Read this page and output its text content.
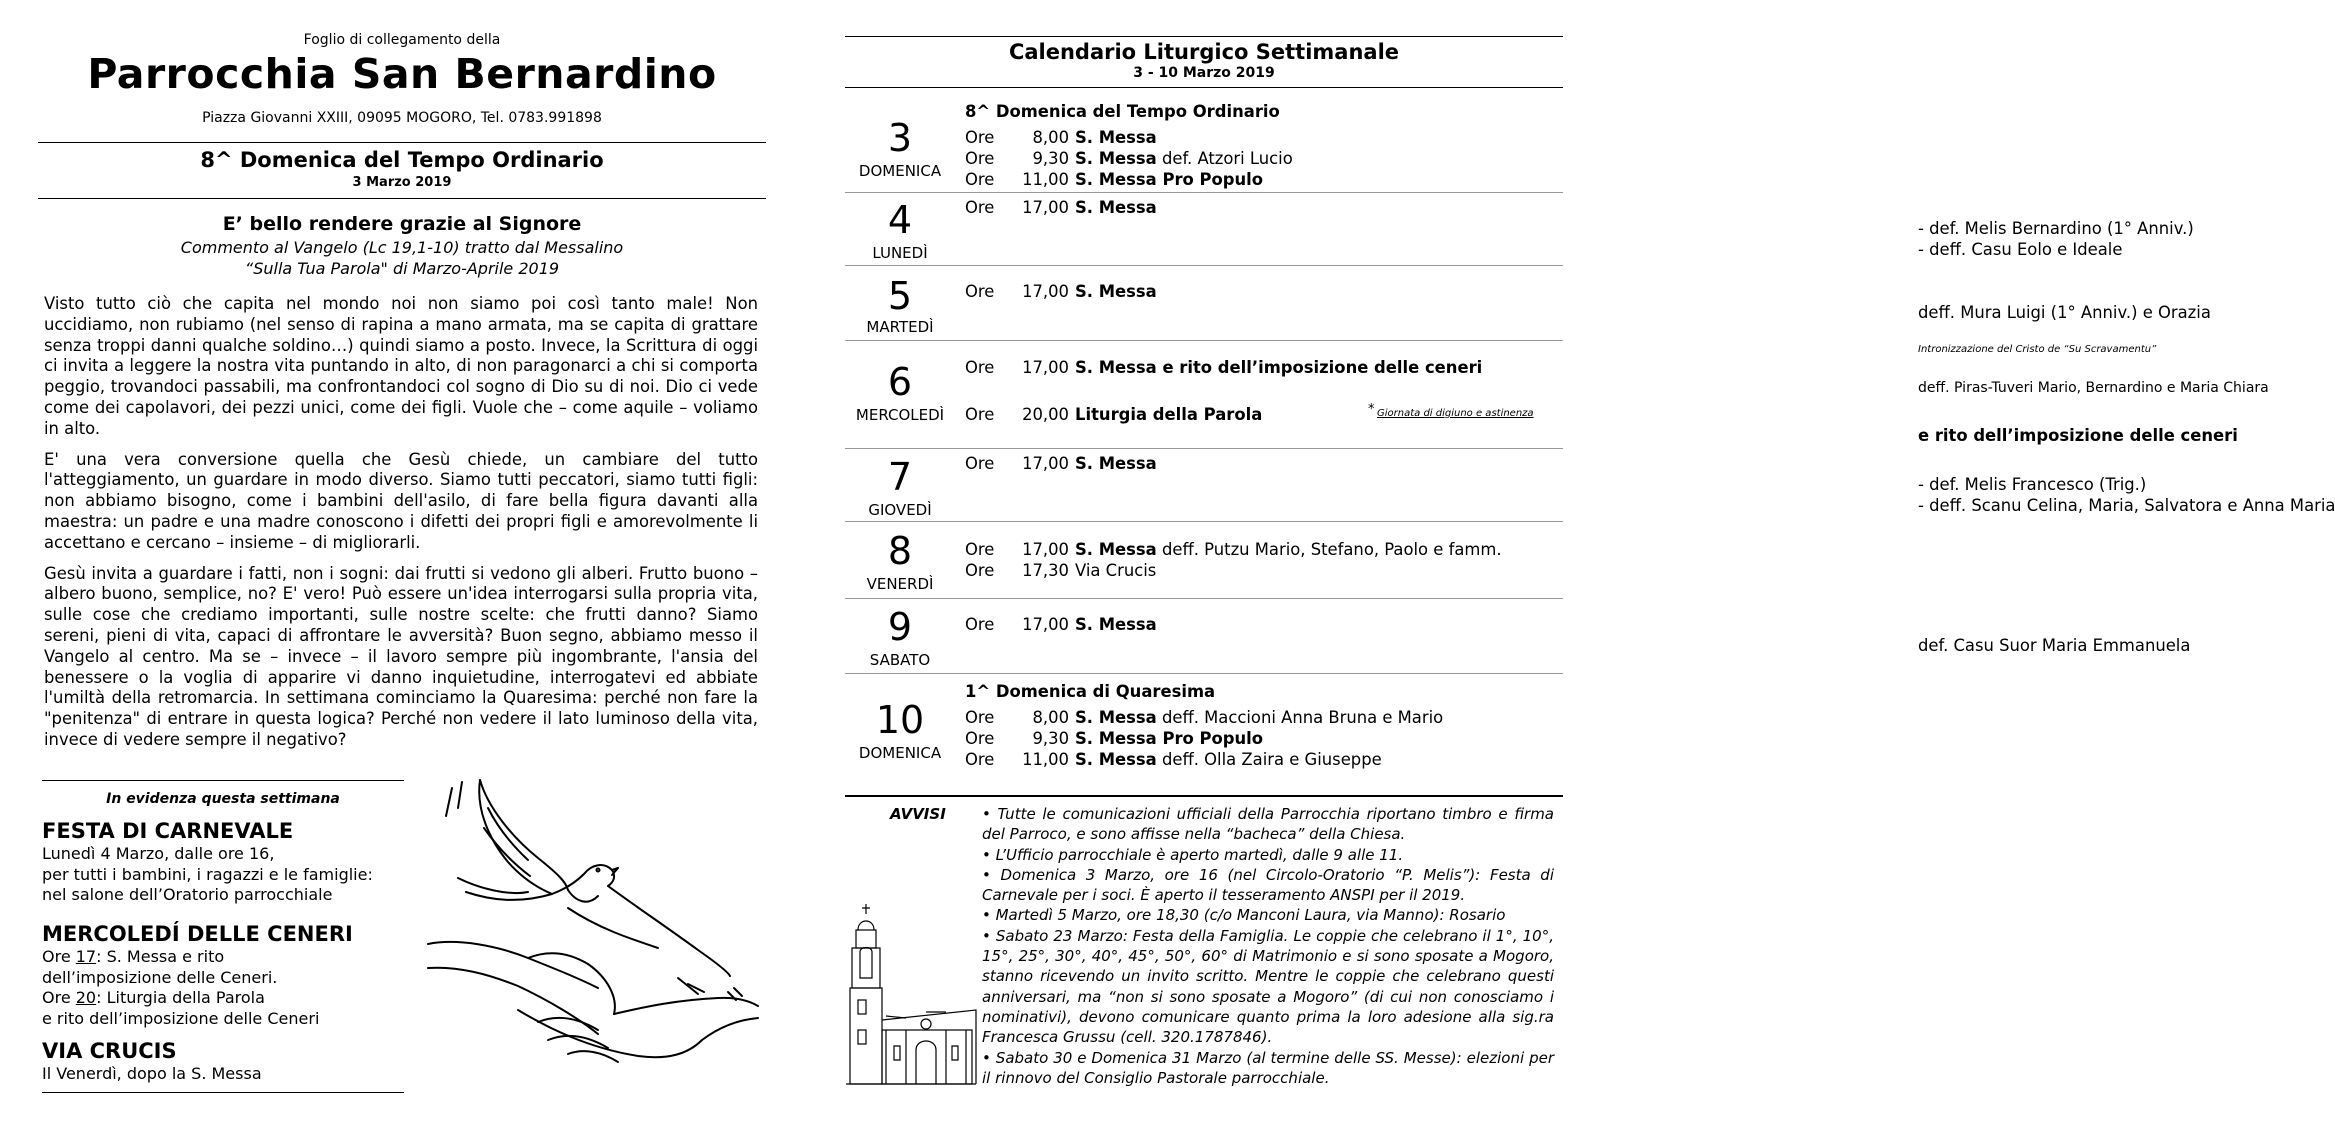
Foglio di collegamento della
Parrocchia San Bernardino
Piazza Giovanni XXIII, 09095 MOGORO, Tel. 0783.991898
8^ Domenica del Tempo Ordinario
3 Marzo 2019
E’ bello rendere grazie al Signore
Commento al Vangelo (Lc 19,1-10) tratto dal Messalino
“Sulla Tua Parola" di Marzo-Aprile 2019

Visto tutto ciò che capita nel mondo noi non siamo poi così tanto male! Non uccidiamo, non rubiamo (nel senso di rapina a mano armata, ma se capita di grattare senza troppi danni qualche soldino…) quindi siamo a posto. Invece, la Scrittura di oggi ci invita a leggere la nostra vita puntando in alto, di non paragonarci a chi si comporta peggio, trovandoci passabili, ma confrontandoci col sogno di Dio su di noi. Dio ci vede come dei capolavori, dei pezzi unici, come dei figli. Vuole che – come aquile – voliamo in alto.

E' una vera conversione quella che Gesù chiede, un cambiare del tutto l'atteggiamento, un guardare in modo diverso. Siamo tutti peccatori, siamo tutti figli: non abbiamo bisogno, come i bambini dell'asilo, di fare bella figura davanti alla maestra: un padre e una madre conoscono i difetti dei propri figli e amorevolmente li accettano e cercano – insieme – di migliorarli.

Gesù invita a guardare i fatti, non i sogni: dai frutti si vedono gli alberi. Frutto buono – albero buono, semplice, no? E' vero! Può essere un'idea interrogarsi sulla propria vita, sulle cose che crediamo importanti, sulle nostre scelte: che frutti danno? Siamo sereni, pieni di vita, capaci di affrontare le avversità? Buon segno, abbiamo messo il Vangelo al centro. Ma se – invece – il lavoro sempre più ingombrante, l'ansia del benessere o la voglia di apparire vi danno inquietudine, interrogatevi ed abbiate l'umiltà della retromarcia. In settimana cominciamo la Quaresima: perché non fare la "penitenza" di entrare in questa logica? Perché non vedere il lato luminoso della vita, invece di vedere sempre il negativo?

In evidenza questa settimana
FESTA DI CARNEVALE
Lunedì 4 Marzo, dalle ore 16,
per tutti i bambini, i ragazzi e le famiglie:
nel salone dell’Oratorio parrocchiale
MERCOLEDÍ DELLE CENERI
Ore 17: S. Messa e rito
dell’imposizione delle Ceneri.
Ore 20: Liturgia della Parola
e rito dell’imposizione delle Ceneri
VIA CRUCIS
Il Venerdì, dopo la S. Messa
Calendario Liturgico Settimanale
3 - 10 Marzo 2019
3
DOMENICA
8^ Domenica del Tempo Ordinario
Ore 8,00 S. Messa
Ore 9,30 S. Messa def. Atzori Lucio
Ore 11,00 S. Messa Pro Populo
4
LUNEDÌ
Ore 17,00 S. Messa
- def. Melis Bernardino (1° Anniv.)
- deff. Casu Eolo e Ideale
5
MARTEDÌ
Ore 17,00 S. Messa
deff. Mura Luigi (1° Anniv.) e Orazia
6
MERCOLEDÌ
Intronizzazione del Cristo de “Su Scravamentu”
Ore 17,00 S. Messa e rito dell’imposizione delle ceneri
deff. Piras-Tuveri Mario, Bernardino e Maria Chiara
Ore 20,00 Liturgia della Parola
e rito dell’imposizione delle ceneri
* Giornata di digiuno e astinenza
7
GIOVEDÌ
Ore 17,00 S. Messa
- def. Melis Francesco (Trig.)
- deff. Scanu Celina, Maria, Salvatora e Anna Maria
8
VENERDÌ
Ore 17,00 S. Messa deff. Putzu Mario, Stefano, Paolo e famm.
Ore 17,30 Via Crucis
9
SABATO
Ore 17,00 S. Messa
def. Casu Suor Maria Emmanuela
10
DOMENICA
1^ Domenica di Quaresima
Ore 8,00 S. Messa deff. Maccioni Anna Bruna e Mario
Ore 9,30 S. Messa Pro Populo
Ore 11,00 S. Messa deff. Olla Zaira e Giuseppe
AVVISI • Tutte le comunicazioni ufficiali della Parrocchia riportano timbro e firma del Parroco, e sono affisse nella “bacheca” della Chiesa.
• L’Ufficio parrocchiale è aperto martedì, dalle 9 alle 11.
• Domenica 3 Marzo, ore 16 (nel Circolo-Oratorio “P. Melis”): Festa di Carnevale per i soci. È aperto il tesseramento ANSPI per il 2019.
• Martedì 5 Marzo, ore 18,30 (c/o Manconi Laura, via Manno): Rosario
• Sabato 23 Marzo: Festa della Famiglia. Le coppie che celebrano il 1°, 10°, 15°, 25°, 30°, 40°, 45°, 50°, 60° di Matrimonio e si sono sposate a Mogoro, stanno ricevendo un invito scritto. Mentre le coppie che celebrano questi anniversari, ma “non si sono sposate a Mogoro” (di cui non conosciamo i nominativi), devono comunicare quanto prima la loro adesione alla sig.ra Francesca Grussu (cell. 320.1787846).
• Sabato 30 e Domenica 31 Marzo (al termine delle SS. Messe): elezioni per il rinnovo del Consiglio Pastorale parrocchiale.
